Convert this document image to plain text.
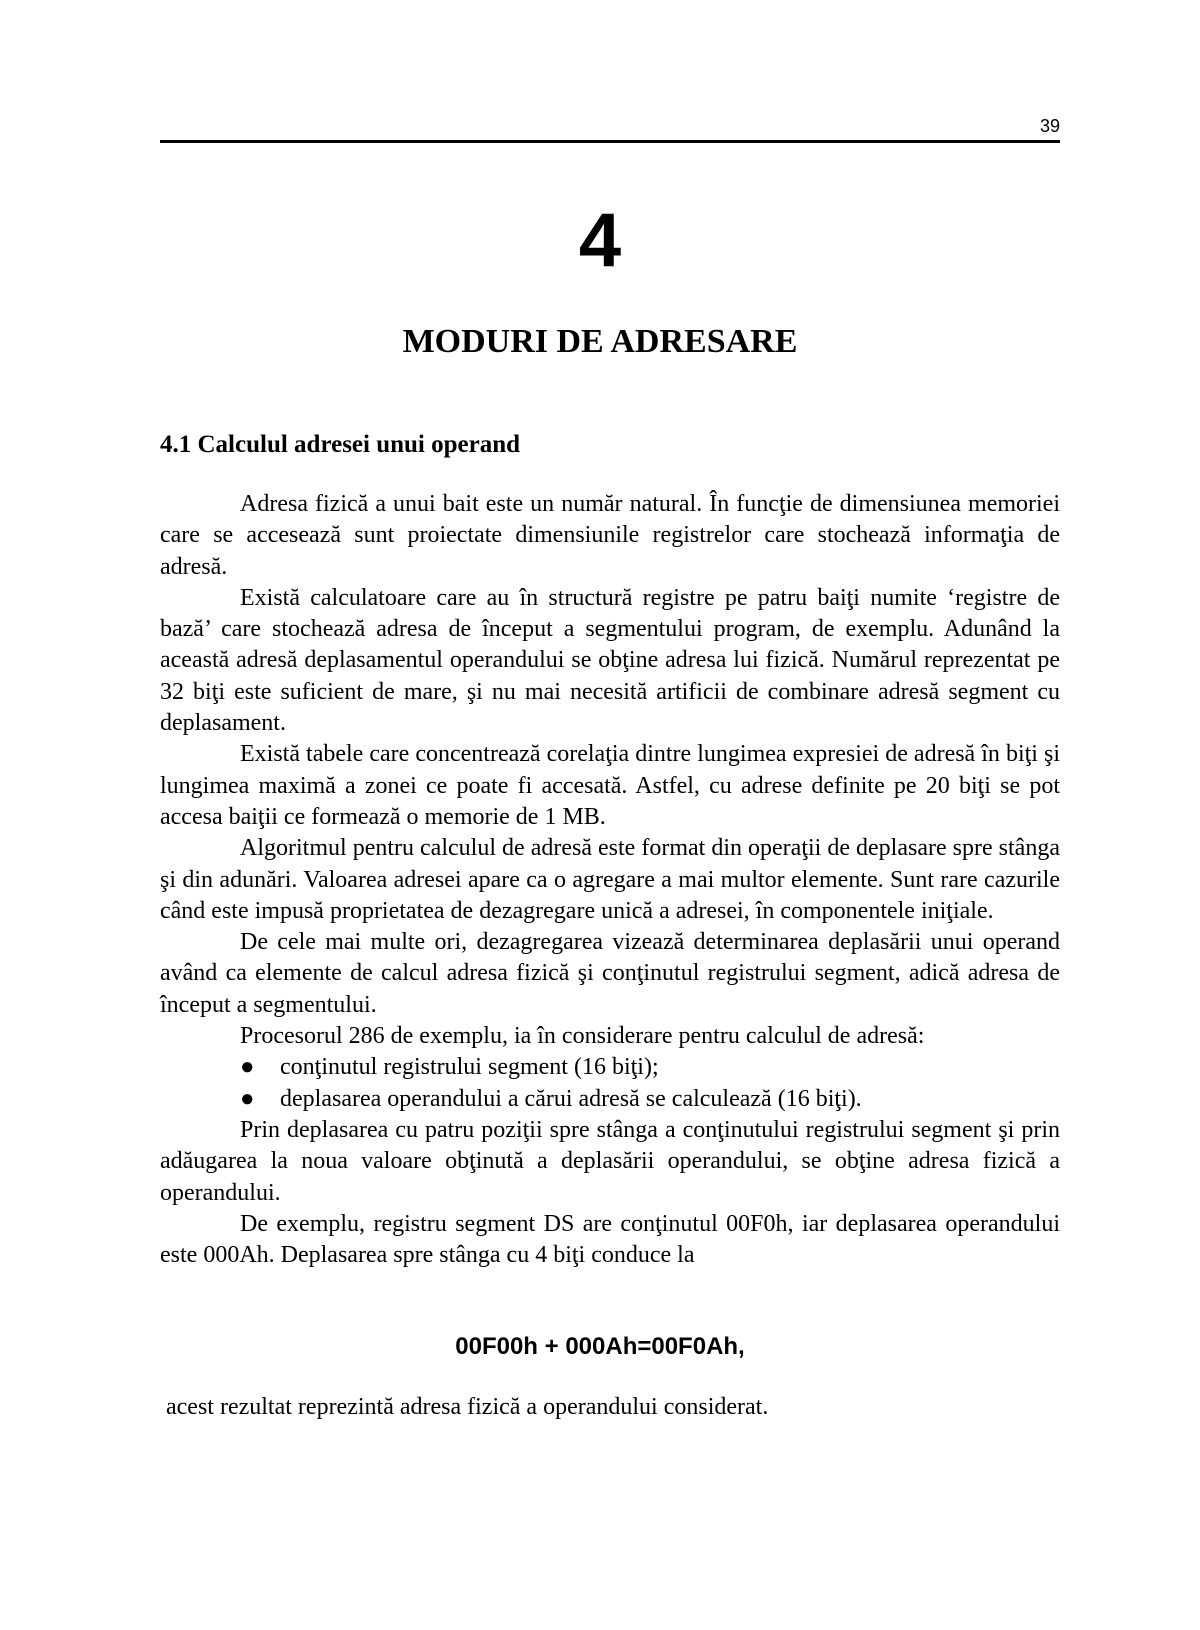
39
4
MODURI DE ADRESARE
4.1 Calculul adresei unui operand

Adresa fizică a unui bait este un număr natural. În funcţie de dimensiunea memoriei care se accesează sunt proiectate dimensiunile registrelor care stochează informaţia de adresă.

Există calculatoare care au în structură registre pe patru baiţi numite ‘registre de bază’ care stochează adresa de început a segmentului program, de exemplu. Adunând la această adresă deplasamentul operandului se obţine adresa lui fizică. Numărul reprezentat pe 32 biţi este suficient de mare, şi nu mai necesită artificii de combinare adresă segment cu deplasament.

Există tabele care concentrează corelaţia dintre lungimea expresiei de adresă în biţi şi lungimea maximă a zonei ce poate fi accesată. Astfel, cu adrese definite pe 20 biţi se pot accesa baiţii ce formează o memorie de 1 MB.

Algoritmul pentru calculul de adresă este format din operaţii de deplasare spre stânga şi din adunări. Valoarea adresei apare ca o agregare a mai multor elemente. Sunt rare cazurile când este impusă proprietatea de dezagregare unică a adresei, în componentele iniţiale.

De cele mai multe ori, dezagregarea vizează determinarea deplasării unui operand având ca elemente de calcul adresa fizică şi conţinutul registrului segment, adică adresa de început a segmentului.

Procesorul 286 de exemplu, ia în considerare pentru calculul de adresă:

● conţinutul registrului segment (16 biţi);
● deplasarea operandului a cărui adresă se calculează (16 biţi).

Prin deplasarea cu patru poziţii spre stânga a conţinutului registrului segment şi prin adăugarea la noua valoare obţinută a deplasării operandului, se obţine adresa fizică a operandului.

De exemplu, registru segment DS are conţinutul 00F0h, iar deplasarea operandului este 000Ah. Deplasarea spre stânga cu 4 biţi conduce la

00F00h + 000Ah=00F0Ah,
acest rezultat reprezintă adresa fizică a operandului considerat.
